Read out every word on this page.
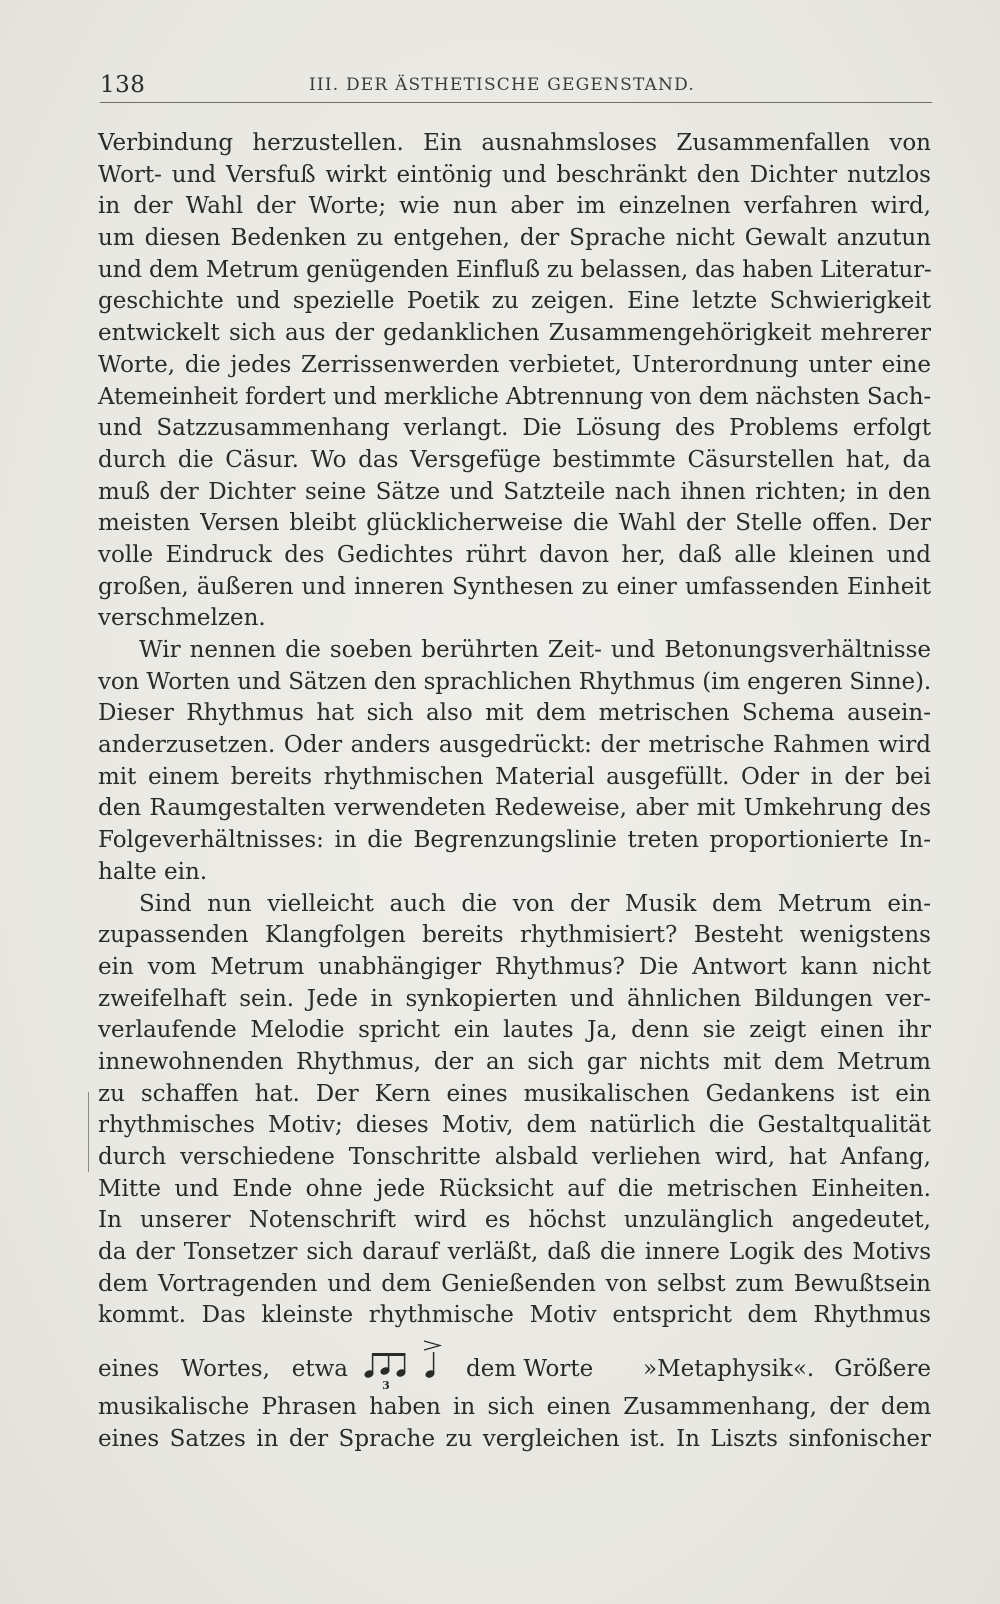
138	III. DER ÄSTHETISCHE GEGENSTAND.
Verbindung herzustellen. Ein ausnahmsloses Zusammenfallen von
Wort- und Versfuß wirkt eintönig und beschränkt den Dichter nutzlos
in der Wahl der Worte; wie nun aber im einzelnen verfahren wird,
um diesen Bedenken zu entgehen, der Sprache nicht Gewalt anzutun
und dem Metrum genügenden Einfluß zu belassen, das haben Literatur-
geschichte und spezielle Poetik zu zeigen. Eine letzte Schwierigkeit
entwickelt sich aus der gedanklichen Zusammengehörigkeit mehrerer
Worte, die jedes Zerrissenwerden verbietet, Unterordnung unter eine
Atemeinheit fordert und merkliche Abtrennung von dem nächsten Sach-
und Satzzusammenhang verlangt. Die Lösung des Problems erfolgt
durch die Cäsur. Wo das Versgefüge bestimmte Cäsurstellen hat, da
muß der Dichter seine Sätze und Satzteile nach ihnen richten; in den
meisten Versen bleibt glücklicherweise die Wahl der Stelle offen. Der
volle Eindruck des Gedichtes rührt davon her, daß alle kleinen und
großen, äußeren und inneren Synthesen zu einer umfassenden Einheit
verschmelzen.
Wir nennen die soeben berührten Zeit- und Betonungsverhältnisse
von Worten und Sätzen den sprachlichen Rhythmus (im engeren Sinne).
Dieser Rhythmus hat sich also mit dem metrischen Schema ausein-
anderzusetzen. Oder anders ausgedrückt: der metrische Rahmen wird
mit einem bereits rhythmischen Material ausgefüllt. Oder in der bei
den Raumgestalten verwendeten Redeweise, aber mit Umkehrung des
Folgeverhältnisses: in die Begrenzungslinie treten proportionierte In-
halte ein.
Sind nun vielleicht auch die von der Musik dem Metrum ein-
zupassenden Klangfolgen bereits rhythmisiert? Besteht wenigstens
ein vom Metrum unabhängiger Rhythmus? Die Antwort kann nicht
zweifelhaft sein. Jede in synkopierten und ähnlichen Bildungen ver-
verlaufende Melodie spricht ein lautes Ja, denn sie zeigt einen ihr
innewohnenden Rhythmus, der an sich gar nichts mit dem Metrum
zu schaffen hat. Der Kern eines musikalischen Gedankens ist ein
rhythmisches Motiv; dieses Motiv, dem natürlich die Gestaltqualität
durch verschiedene Tonschritte alsbald verliehen wird, hat Anfang,
Mitte und Ende ohne jede Rücksicht auf die metrischen Einheiten.
In unserer Notenschrift wird es höchst unzulänglich angedeutet,
da der Tonsetzer sich darauf verläßt, daß die innere Logik des Motivs
dem Vortragenden und dem Genießenden von selbst zum Bewußtsein
kommt. Das kleinste rhythmische Motiv entspricht dem Rhythmus
eines Wortes, etwa
3
dem Worte »Metaphysik«. Größere
musikalische Phrasen haben in sich einen Zusammenhang, der dem
eines Satzes in der Sprache zu vergleichen ist. In Liszts sinfonischer
